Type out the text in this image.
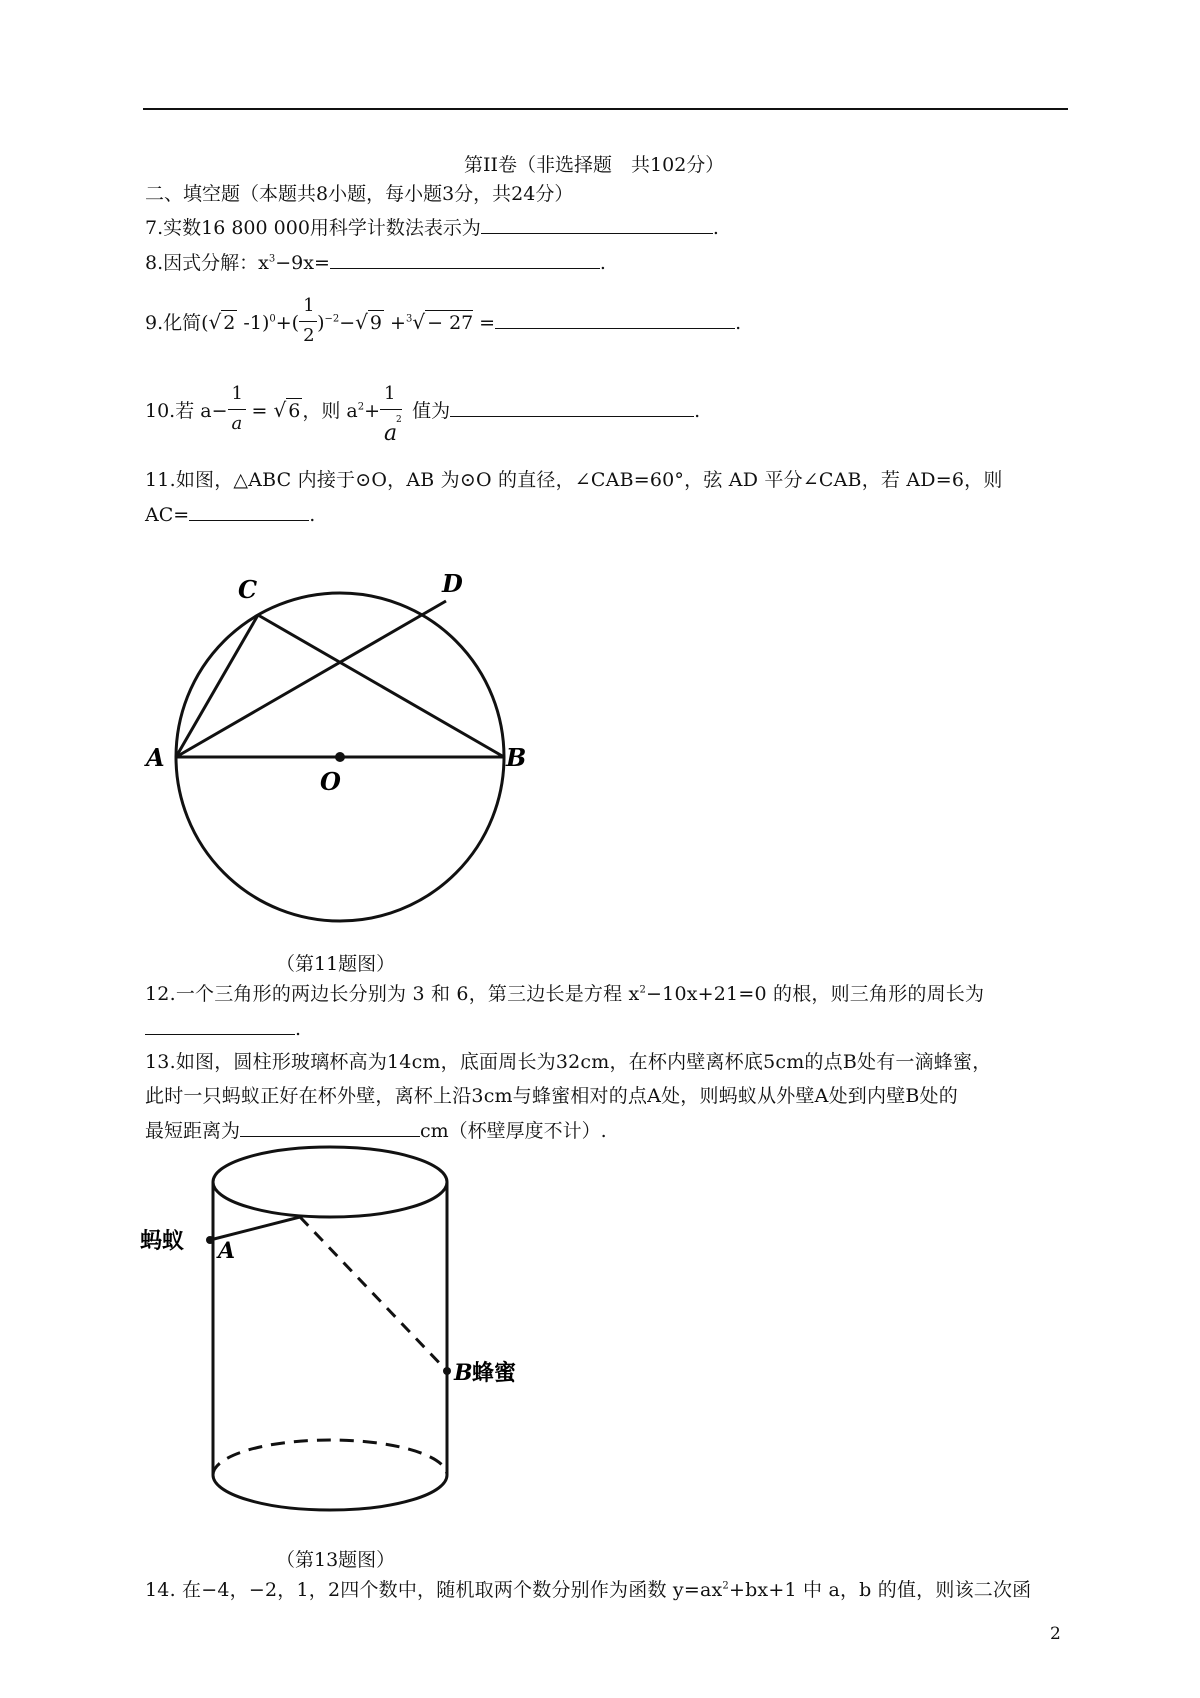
第II卷（非选择题　共102分）
二、填空题（本题共8小题，每小题3分，共24分）
7.实数16 800 000用科学计数法表示为	.
8.因式分解：$x^3-9x=$	.
9.化简(√ 2 $-1)^0+( \frac{1}{2} )^{-2}-√$ 9 +$^3$√ − 27 =	.
10.若 $a- \frac{1}{a}$ = √ 6 ，则 $a^2+$
1
2
a
值为	.
11.如图，△ABC 内接于⊙O，AB 为⊙O 的直径，∠CAB=60°，弦 AD 平分∠CAB，若 AD=6，则
AC=	.
A	B
C	D
O
（第11题图）
12.一个三角形的两边长分别为 3 和 6，第三边长是方程 $x^2-10x+21=0$ 的根，则三角形的周长为
.
13.如图，圆柱形玻璃杯高为14cm，底面周长为32cm，在杯内壁离杯底5cm的点B处有一滴蜂蜜，
此时一只蚂蚁正好在杯外壁，离杯上沿3cm与蜂蜜相对的点A处，则蚂蚁从外壁A处到内壁B处的
最短距离为	cm（杯壁厚度不计）.
蚂蚁 A
B 蜂蜜
（第13题图）
14. 在−4，−2，1，2四个数中，随机取两个数分别作为函数 $y=ax^2+bx+1$ 中 a，b 的值，则该二次函
2
